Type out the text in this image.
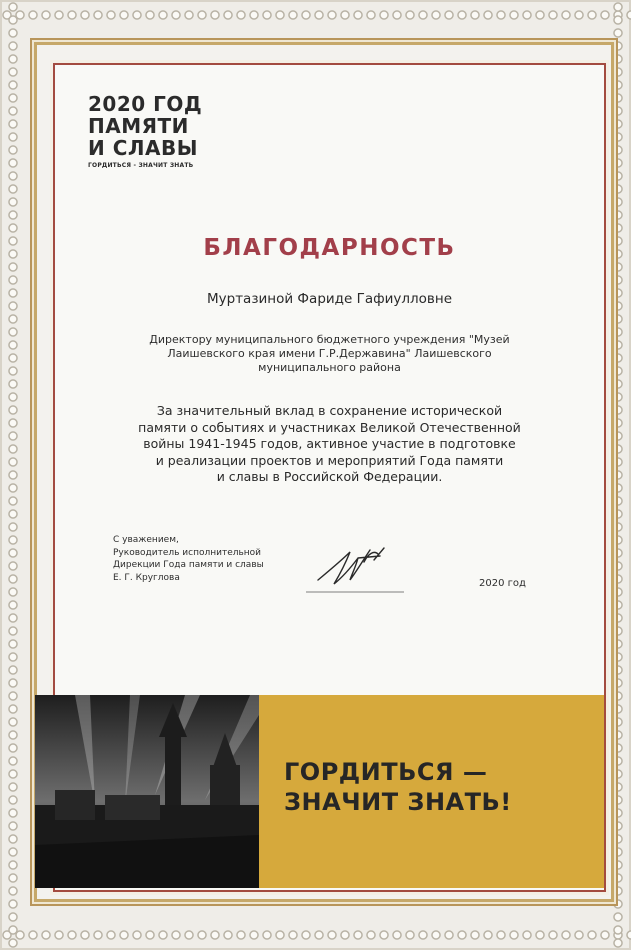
2020 ГОД
ПАМЯТИ
И СЛАВЫ
ГОРДИТЬСЯ - ЗНАЧИТ ЗНАТЬ
БЛАГОДАРНОСТЬ
Муртазиной Фариде Гафиулловне
Директору муниципального бюджетного учреждения "Музей
Лаишевского края имени Г.Р.Державина" Лаишевского
муниципального района
За значительный вклад в сохранение исторической
памяти о событиях и участниках Великой Отечественной
войны 1941-1945 годов, активное участие в подготовке
и реализации проектов и мероприятий Года памяти
и славы в Российской Федерации.
С уважением,
Руководитель исполнительной
Дирекции Года памяти и славы
Е. Г. Круглова
2020 год
ГОРДИТЬСЯ —
ЗНАЧИТ ЗНАТЬ!
